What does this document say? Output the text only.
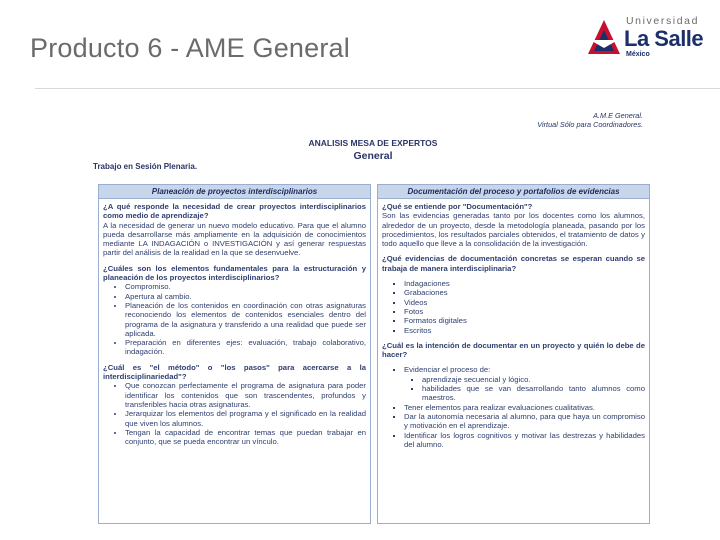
Producto 6 - AME General
Universidad
La Salle
México
A.M.E General.
Virtual Sólo para Coordinadores.
ANALISIS MESA DE EXPERTOS
General
Trabajo en Sesión Plenaria.
Planeación de proyectos interdisciplinarios
¿A qué responde la necesidad de crear proyectos interdisciplinarios como medio de aprendizaje?
A la necesidad de generar un nuevo modelo educativo. Para que el alumno pueda desarrollarse más ampliamente en la adquisición de conocimientos mediante LA INDAGACIÓN o INVESTIGACIÓN y así generar respuestas partir del análisis de la realidad en la que se desenvuelve.
¿Cuáles son los elementos fundamentales para la estructuración y planeación de los proyectos interdisciplinarios?
• Compromiso.
• Apertura al cambio.
• Planeación de los contenidos en coordinación con otras asignaturas reconociendo los elementos de contenidos esenciales dentro del programa de la asignatura y transferido a una realidad que puede ser aplicada.
• Preparación en diferentes ejes: evaluación, trabajo colaborativo, indagación.
¿Cuál es "el método" o "los pasos" para acercarse a la interdisciplinariedad"?
• Que conozcan perfectamente el programa de asignatura para poder identificar los contenidos que son trascendentes, profundos y transferibles hacia otras asignaturas.
• Jerarquizar los elementos del programa y el significado en la realidad que viven los alumnos.
• Tengan la capacidad de encontrar temas que puedan trabajar en conjunto, que se pueda encontrar un vínculo.
Documentación del proceso y portafolios de evidencias
¿Qué se entiende por "Documentación"?
Son las evidencias generadas tanto por los docentes como los alumnos, alrededor de un proyecto, desde la metodología planeada, pasando por los procedimientos, los resultados parciales obtenidos, el tratamiento de datos y todo aquello que lleve a la consolidación de la investigación.
¿Qué evidencias de documentación concretas se esperan cuando se trabaja de manera interdisciplinaria?
▪ Indagaciones
▪ Grabaciones
▪ Videos
▪ Fotos
▪ Formatos digitales
▪ Escritos
¿Cuál es la intención de documentar en un proyecto y quién lo debe de hacer?
▪ Evidenciar el proceso de:
▪ aprendizaje secuencial y lógico.
▪ habilidades que se van desarrollando tanto alumnos como maestros.
▪ Tener elementos para realizar evaluaciones cualitativas.
▪ Dar la autonomía necesaria al alumno, para que haya un compromiso y motivación en el aprendizaje.
▪ Identificar los logros cognitivos y motivar las destrezas y habilidades del alumno.
